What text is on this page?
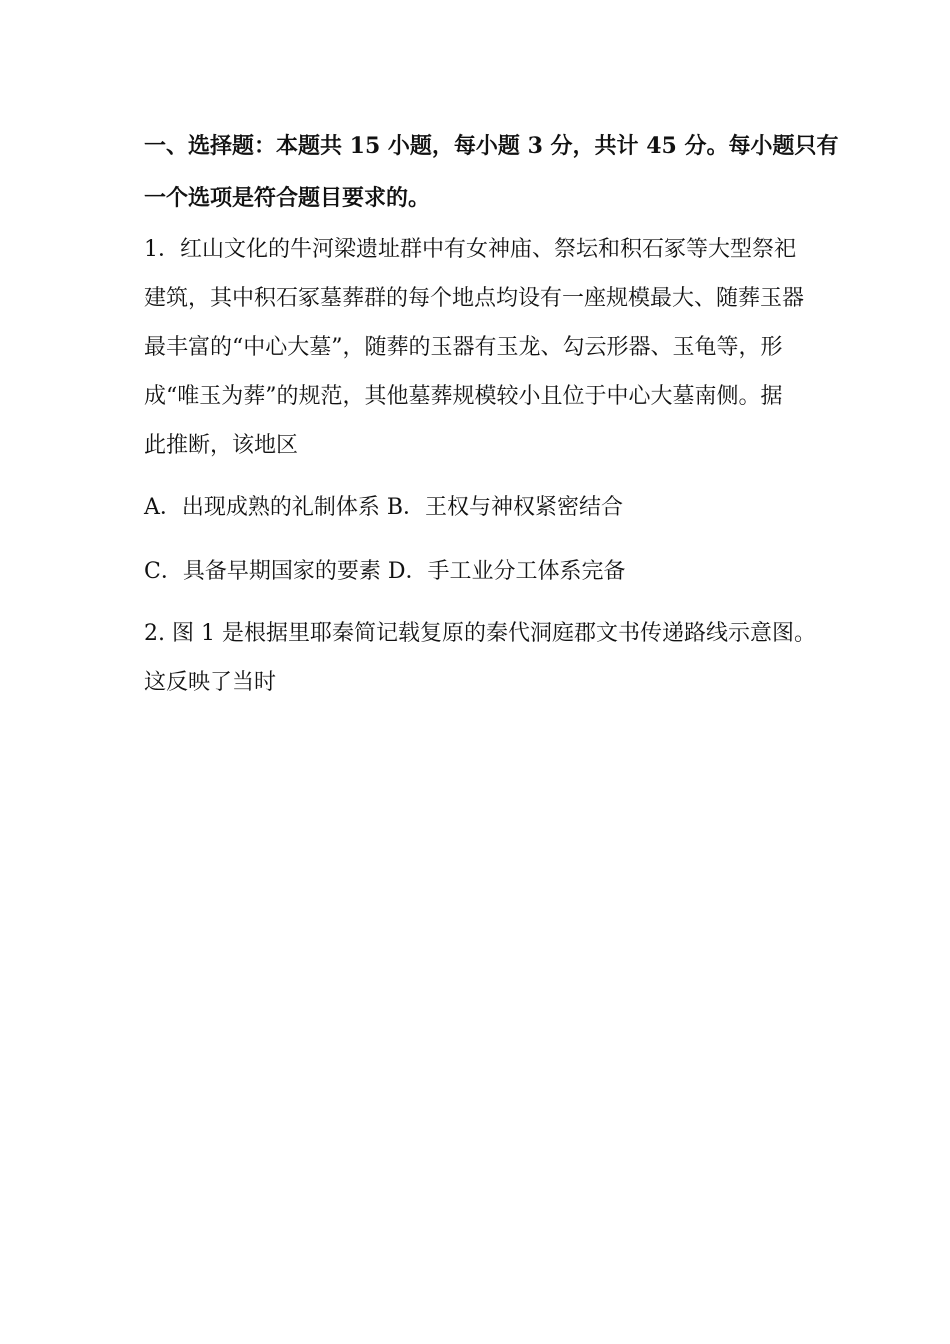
一、选择题：本题共 15 小题，每小题 3 分，共计 45 分。每小题只有
一个选项是符合题目要求的。
1．红山文化的牛河梁遗址群中有女神庙、祭坛和积石冢等大型祭祀
建筑，其中积石冢墓葬群的每个地点均设有一座规模最大、随葬玉器
最丰富的“中心大墓”，随葬的玉器有玉龙、勾云形器、玉龟等，形
成“唯玉为葬”的规范，其他墓葬规模较小且位于中心大墓南侧。据
此推断，该地区
A．出现成熟的礼制体系 B．王权与神权紧密结合
C．具备早期国家的要素 D．手工业分工体系完备
2. 图 1 是根据里耶秦简记载复原的秦代洞庭郡文书传递路线示意图。
这反映了当时
